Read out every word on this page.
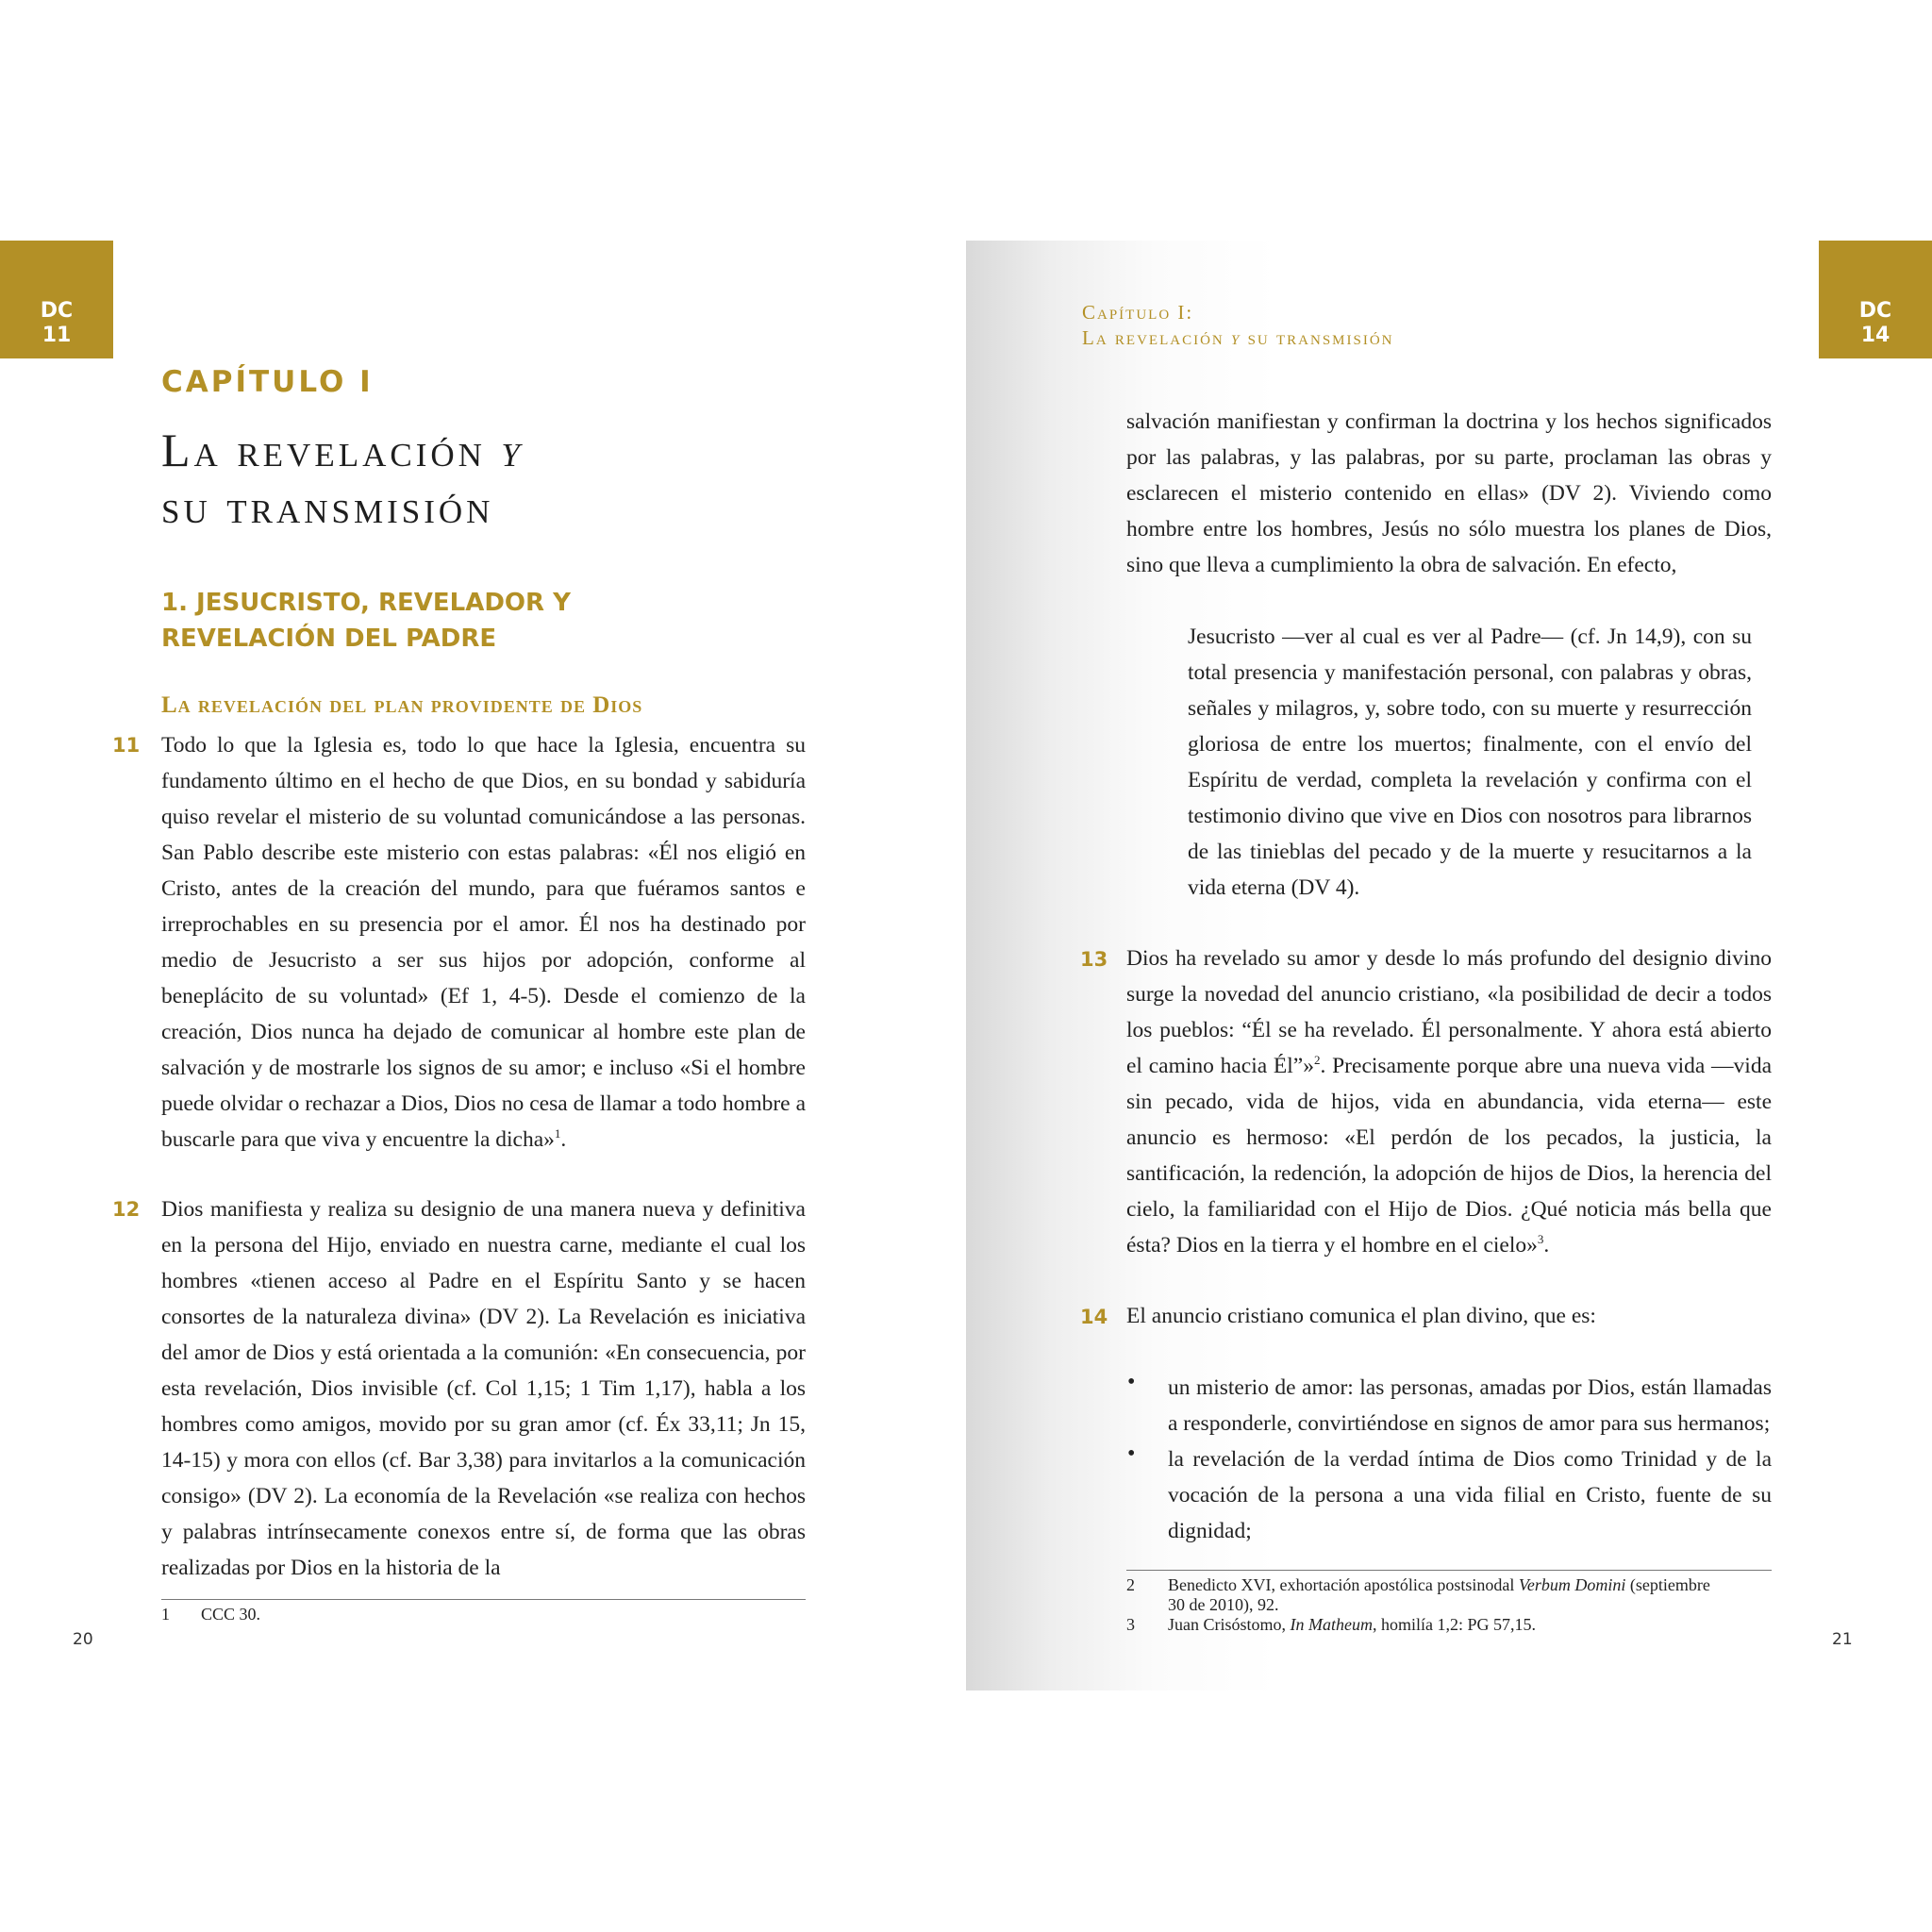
DC
11
CAPÍTULO I
La revelación y
su transmisión
1. JESUCRISTO, REVELADOR Y
REVELACIÓN DEL PADRE
La revelación del plan providente de Dios
11 Todo lo que la Iglesia es, todo lo que hace la Iglesia, encuentra su fundamento último en el hecho de que Dios, en su bondad y sabiduría quiso revelar el misterio de su voluntad comunicándose a las personas. San Pablo describe este misterio con estas palabras: «Él nos eligió en Cristo, antes de la creación del mundo, para que fuéramos santos e irreprochables en su presencia por el amor. Él nos ha destinado por medio de Jesucristo a ser sus hijos por adopción, conforme al beneplácito de su voluntad» (Ef 1, 4-5). Desde el comienzo de la creación, Dios nunca ha dejado de comunicar al hombre este plan de salvación y de mostrarle los signos de su amor; e incluso «Si el hombre puede olvidar o rechazar a Dios, Dios no cesa de llamar a todo hombre a buscarle para que viva y encuentre la dicha»$^1$.
12 Dios manifiesta y realiza su designio de una manera nueva y definitiva en la persona del Hijo, enviado en nuestra carne, mediante el cual los hombres «tienen acceso al Padre en el Espíritu Santo y se hacen consortes de la naturaleza divina» (DV 2). La Revelación es iniciativa del amor de Dios y está orientada a la comunión: «En consecuencia, por esta revelación, Dios invisible (cf. Col 1,15; 1 Tim 1,17), habla a los hombres como amigos, movido por su gran amor (cf. Éx 33,11; Jn 15, 14-15) y mora con ellos (cf. Bar 3,38) para invitarlos a la comunicación consigo» (DV 2). La economía de la Revelación «se realiza con hechos y palabras intrínsecamente conexos entre sí, de forma que las obras realizadas por Dios en la historia de la
1 CCC 30.
20
DC
14
Capítulo I:
La revelación y su transmisión
salvación manifiestan y confirman la doctrina y los hechos significados por las palabras, y las palabras, por su parte, proclaman las obras y esclarecen el misterio contenido en ellas» (DV 2). Viviendo como hombre entre los hombres, Jesús no sólo muestra los planes de Dios, sino que lleva a cumplimiento la obra de salvación. En efecto,
Jesucristo —ver al cual es ver al Padre— (cf. Jn 14,9), con su total presencia y manifestación personal, con palabras y obras, señales y milagros, y, sobre todo, con su muerte y resurrección gloriosa de entre los muertos; finalmente, con el envío del Espíritu de verdad, completa la revelación y confirma con el testimonio divino que vive en Dios con nosotros para librarnos de las tinieblas del pecado y de la muerte y resucitarnos a la vida eterna (DV 4).
13 Dios ha revelado su amor y desde lo más profundo del designio divino surge la novedad del anuncio cristiano, «la posibilidad de decir a todos los pueblos: “Él se ha revelado. Él personalmente. Y ahora está abierto el camino hacia Él”»$^2$. Precisamente porque abre una nueva vida —vida sin pecado, vida de hijos, vida en abundancia, vida eterna— este anuncio es hermoso: «El perdón de los pecados, la justicia, la santificación, la redención, la adopción de hijos de Dios, la herencia del cielo, la familiaridad con el Hijo de Dios. ¿Qué noticia más bella que ésta? Dios en la tierra y el hombre en el cielo»$^3$.
14 El anuncio cristiano comunica el plan divino, que es:
• un misterio de amor: las personas, amadas por Dios, están llamadas a responderle, convirtiéndose en signos de amor para sus hermanos;
• la revelación de la verdad íntima de Dios como Trinidad y de la vocación de la persona a una vida filial en Cristo, fuente de su dignidad;
2 Benedicto XVI, exhortación apostólica postsinodal Verbum Domini (septiembre
30 de 2010), 92.
3 Juan Crisóstomo, In Matheum, homilía 1,2: PG 57,15.
21
